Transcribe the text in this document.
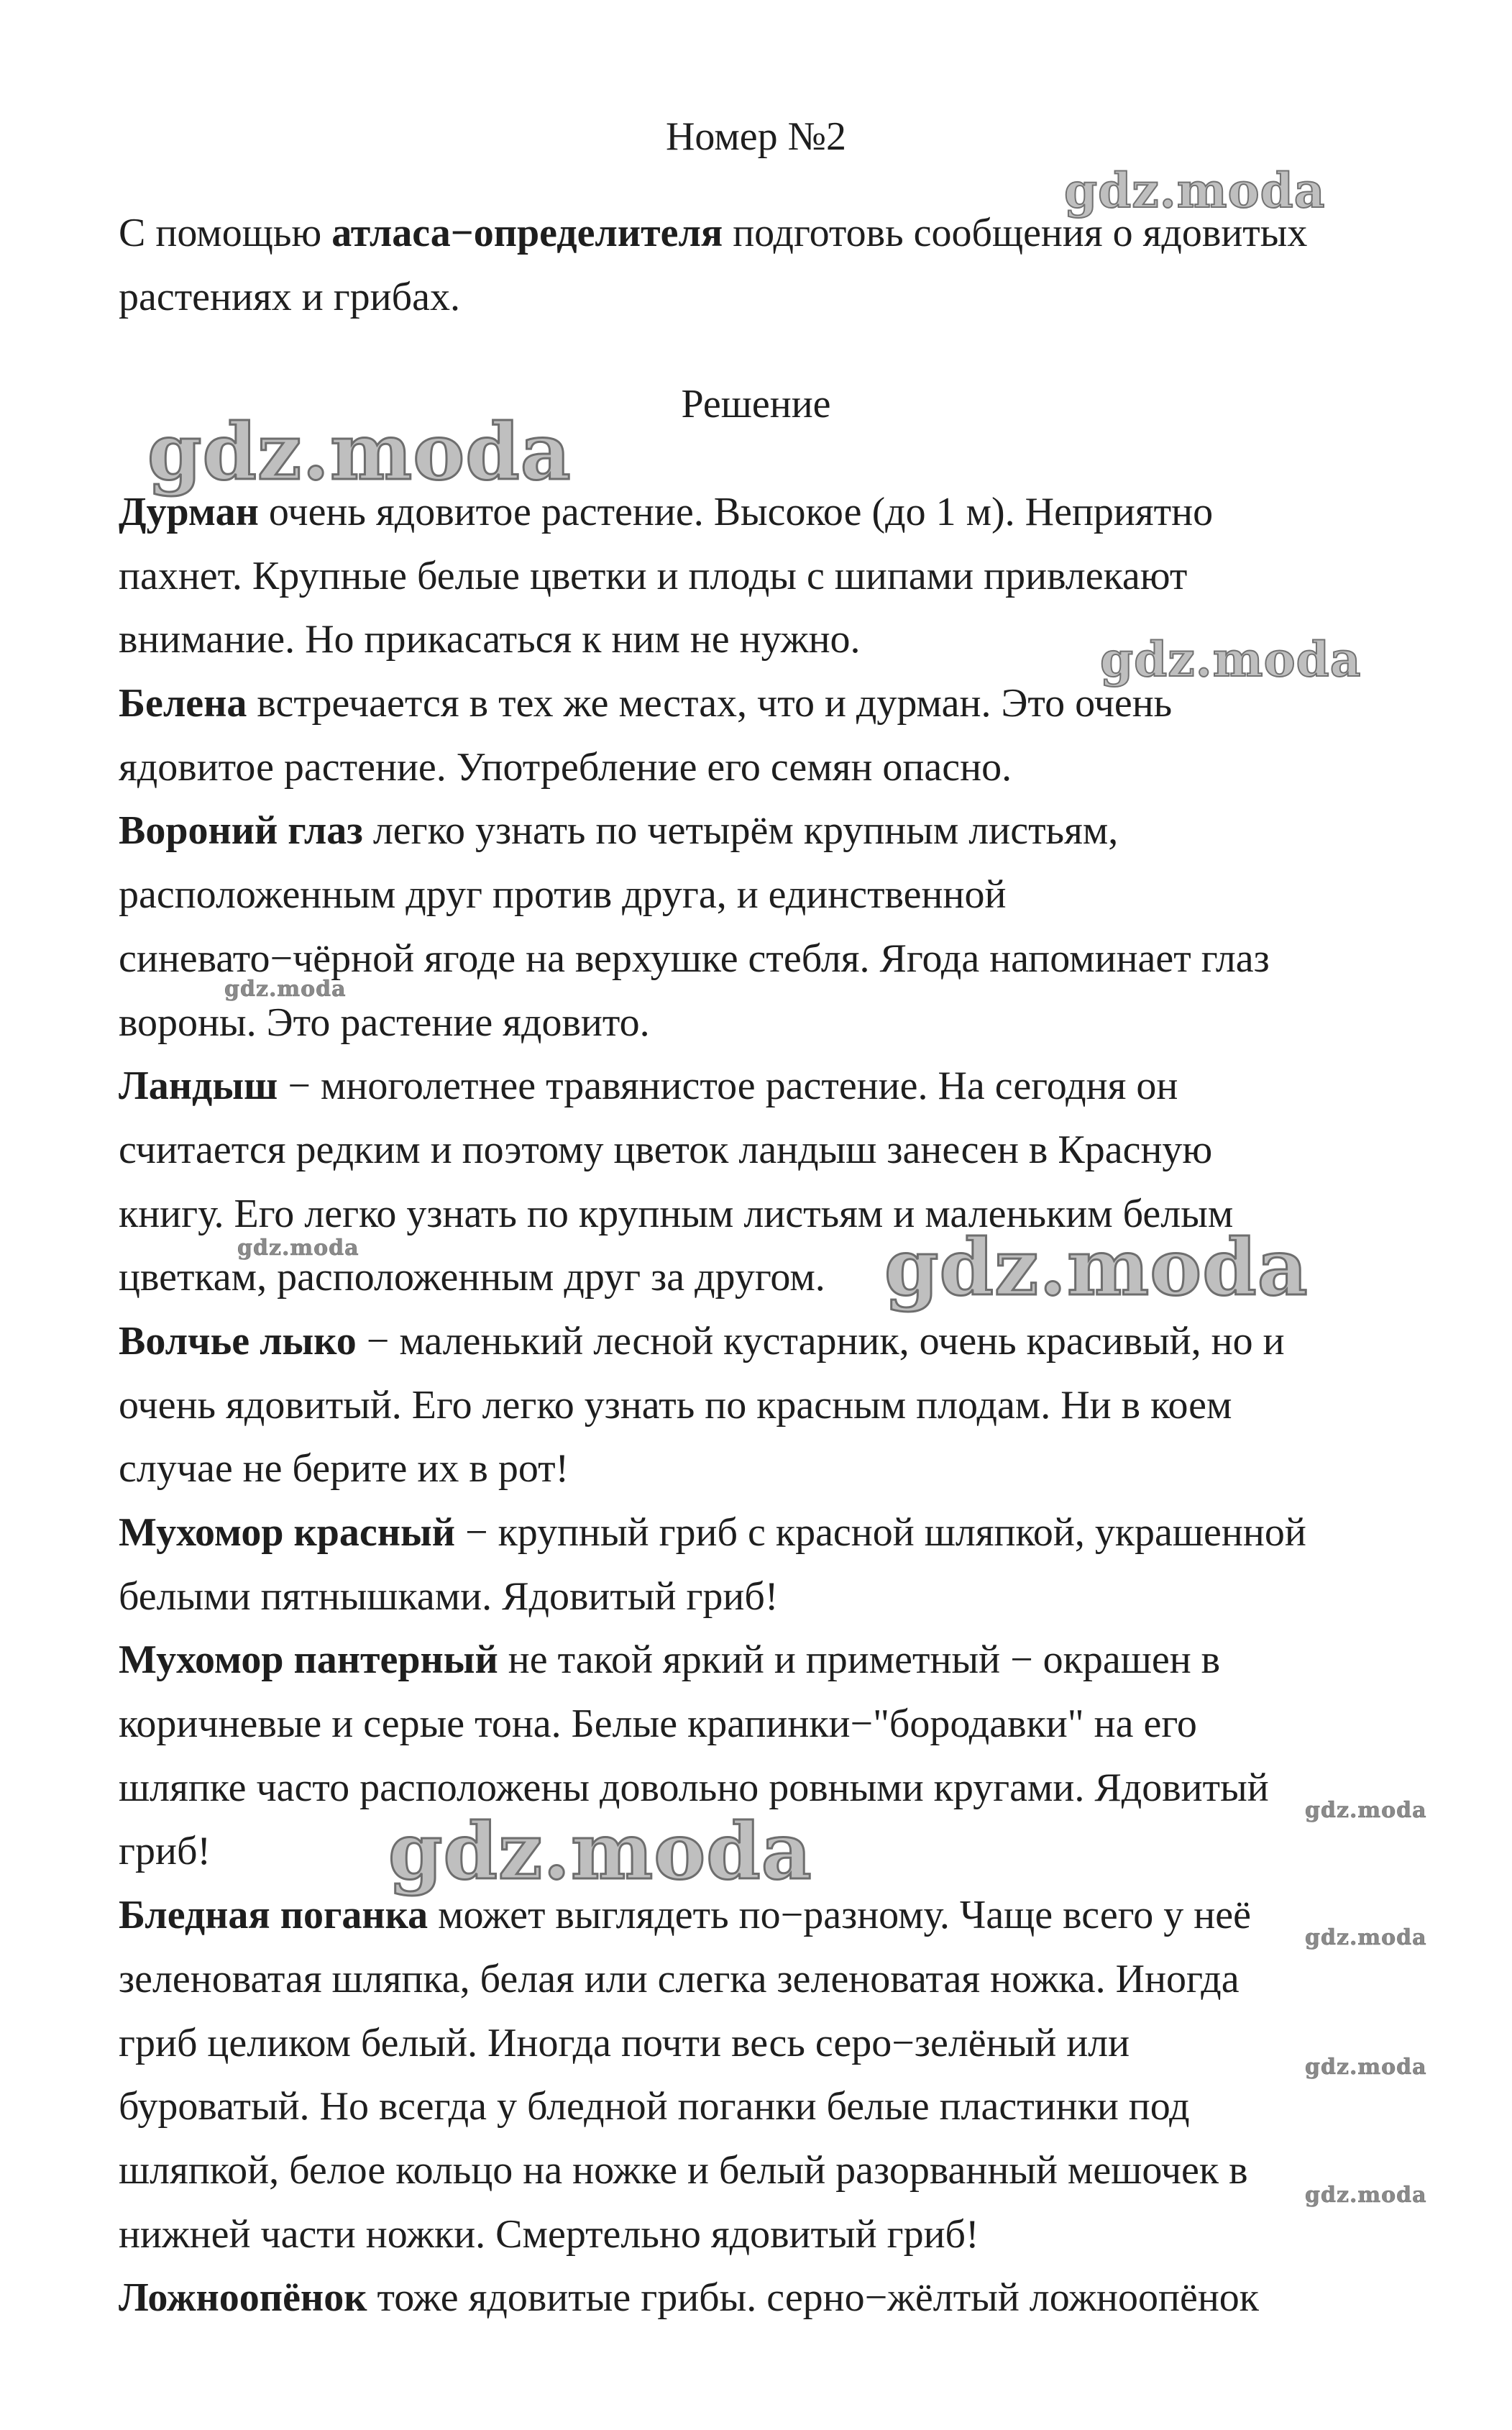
Номер №2
С помощью атласа−определителя подготовь сообщения о ядовитых
растениях и грибах.
Решение
Дурман очень ядовитое растение. Высокое (до 1 м). Неприятно
пахнет. Крупные белые цветки и плоды с шипами привлекают
внимание. Но прикасаться к ним не нужно.
Белена встречается в тех же местах, что и дурман. Это очень
ядовитое растение. Употребление его семян опасно.
Вороний глаз легко узнать по четырём крупным листьям,
расположенным друг против друга, и единственной
синевато−чёрной ягоде на верхушке стебля. Ягода напоминает глаз
вороны. Это растение ядовито.
Ландыш − многолетнее травянистое растение. На сегодня он
считается редким и поэтому цветок ландыш занесен в Красную
книгу. Его легко узнать по крупным листьям и маленьким белым
цветкам, расположенным друг за другом.
Волчье лыко − маленький лесной кустарник, очень красивый, но и
очень ядовитый. Его легко узнать по красным плодам. Ни в коем
случае не берите их в рот!
Мухомор красный − крупный гриб с красной шляпкой, украшенной
белыми пятнышками. Ядовитый гриб!
Мухомор пантерный не такой яркий и приметный − окрашен в
коричневые и серые тона. Белые крапинки−"бородавки" на его
шляпке часто расположены довольно ровными кругами. Ядовитый
гриб!
Бледная поганка может выглядеть по−разному. Чаще всего у неё
зеленоватая шляпка, белая или слегка зеленоватая ножка. Иногда
гриб целиком белый. Иногда почти весь серо−зелёный или
буроватый. Но всегда у бледной поганки белые пластинки под
шляпкой, белое кольцо на ножке и белый разорванный мешочек в
нижней части ножки. Смертельно ядовитый гриб!
Ложноопёнок тоже ядовитые грибы. серно−жёлтый ложноопёнок
gdz.moda
gdz.moda
gdz.moda
gdz.moda
gdz.moda	gdz.moda
gdz.moda
gdz.moda
gdz.moda
gdz.moda
gdz.moda
